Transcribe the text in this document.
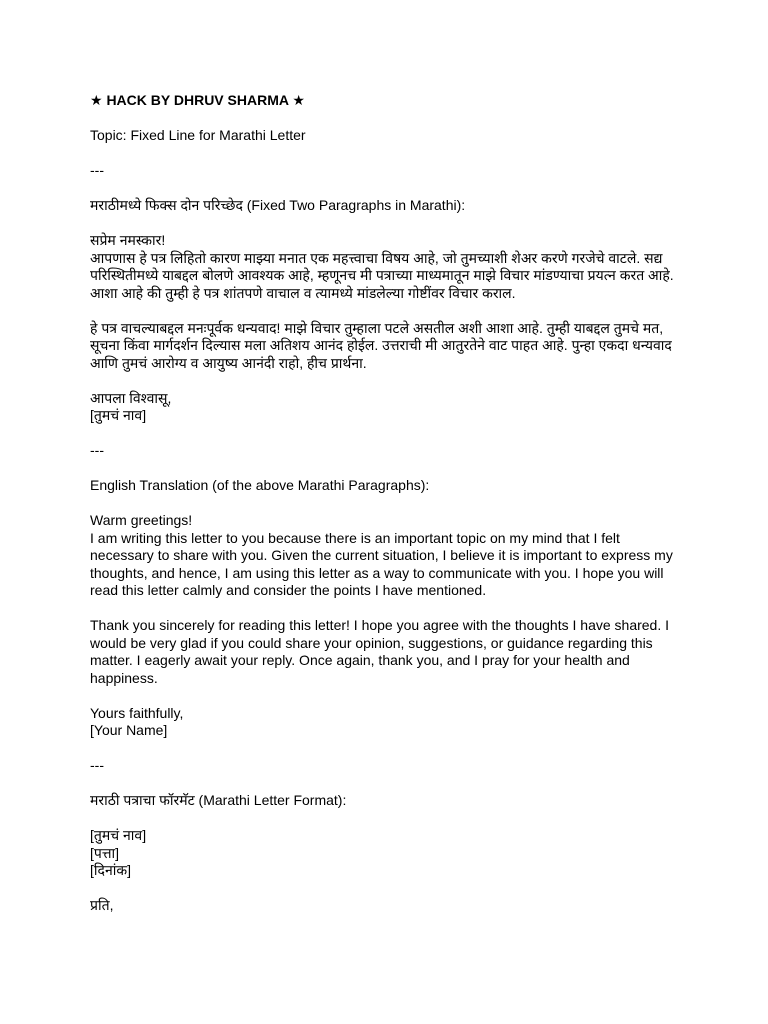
★ HACK BY DHRUV SHARMA ★
Topic: Fixed Line for Marathi Letter
---
मराठीमध्ये फिक्स दोन परिच्छेद (Fixed Two Paragraphs in Marathi):
सप्रेम नमस्कार!
आपणास हे पत्र लिहितो कारण माझ्या मनात एक महत्त्वाचा विषय आहे, जो तुमच्याशी शेअर करणे गरजेचे वाटले. सद्य परिस्थितीमध्ये याबद्दल बोलणे आवश्यक आहे, म्हणूनच मी पत्राच्या माध्यमातून माझे विचार मांडण्याचा प्रयत्न करत आहे. आशा आहे की तुम्ही हे पत्र शांतपणे वाचाल व त्यामध्ये मांडलेल्या गोष्टींवर विचार कराल.
हे पत्र वाचल्याबद्दल मनःपूर्वक धन्यवाद! माझे विचार तुम्हाला पटले असतील अशी आशा आहे. तुम्ही याबद्दल तुमचे मत, सूचना किंवा मार्गदर्शन दिल्यास मला अतिशय आनंद होईल. उत्तराची मी आतुरतेने वाट पाहत आहे. पुन्हा एकदा धन्यवाद आणि तुमचं आरोग्य व आयुष्य आनंदी राहो, हीच प्रार्थना.
आपला विश्वासू,
[तुमचं नाव]
---
English Translation (of the above Marathi Paragraphs):
Warm greetings!
I am writing this letter to you because there is an important topic on my mind that I felt necessary to share with you. Given the current situation, I believe it is important to express my thoughts, and hence, I am using this letter as a way to communicate with you. I hope you will read this letter calmly and consider the points I have mentioned.
Thank you sincerely for reading this letter! I hope you agree with the thoughts I have shared. I would be very glad if you could share your opinion, suggestions, or guidance regarding this matter. I eagerly await your reply. Once again, thank you, and I pray for your health and happiness.
Yours faithfully,
[Your Name]
---
मराठी पत्राचा फॉरमॅट (Marathi Letter Format):
[तुमचं नाव]
[पत्ता]
[दिनांक]
प्रति,
